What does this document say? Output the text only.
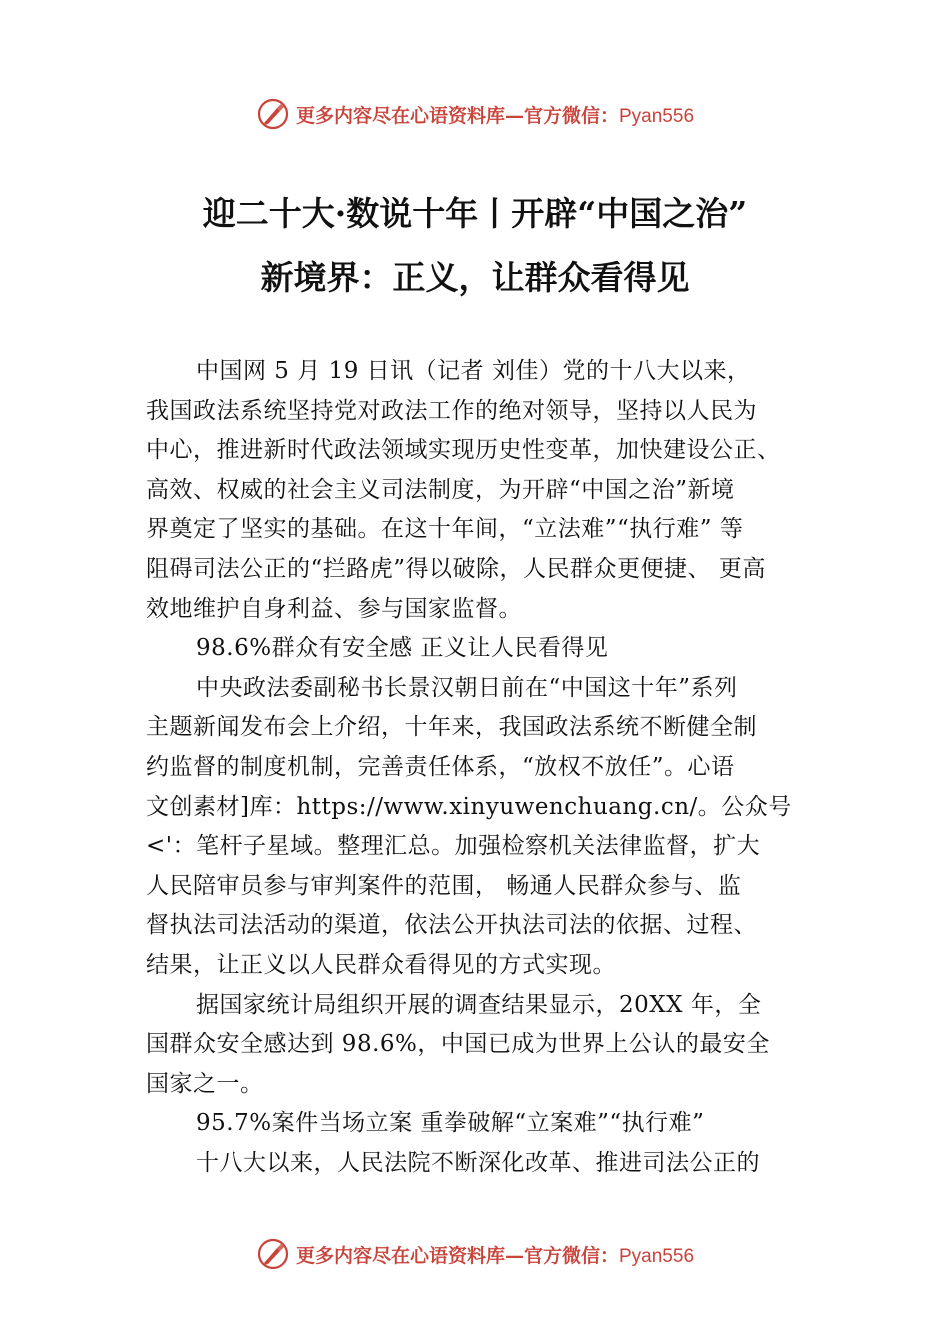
更多内容尽在心语资料库—官方微信：Pyan556
迎二十大·数说十年丨开辟“中国之治”
新境界：正义，让群众看得见
中国网 5 月 19 日讯（记者 刘佳）党的十八大以来，
我国政法系统坚持党对政法工作的绝对领导，坚持以人民为
中心，推进新时代政法领域实现历史性变革，加快建设公正、
高效、权威的社会主义司法制度，为开辟“中国之治”新境
界奠定了坚实的基础。在这十年间，“立法难”“执行难” 等
阻碍司法公正的“拦路虎”得以破除，人民群众更便捷、 更高
效地维护自身利益、参与国家监督。
98.6%群众有安全感 正义让人民看得见
中央政法委副秘书长景汉朝日前在“中国这十年”系列
主题新闻发布会上介绍，十年来，我国政法系统不断健全制
约监督的制度机制，完善责任体系，“放权不放任”。心语
文创素材]库：https://www.xinyuwenchuang.cn/。公众号
<'：笔杆子星域。整理汇总。加强检察机关法律监督，扩大
人民陪审员参与审判案件的范围， 畅通人民群众参与、监
督执法司法活动的渠道，依法公开执法司法的依据、过程、
结果，让正义以人民群众看得见的方式实现。
据国家统计局组织开展的调查结果显示，20XX 年，全
国群众安全感达到 98.6%，中国已成为世界上公认的最安全
国家之一。
95.7%案件当场立案 重拳破解“立案难”“执行难”
十八大以来，人民法院不断深化改革、推进司法公正的
更多内容尽在心语资料库—官方微信：Pyan556
